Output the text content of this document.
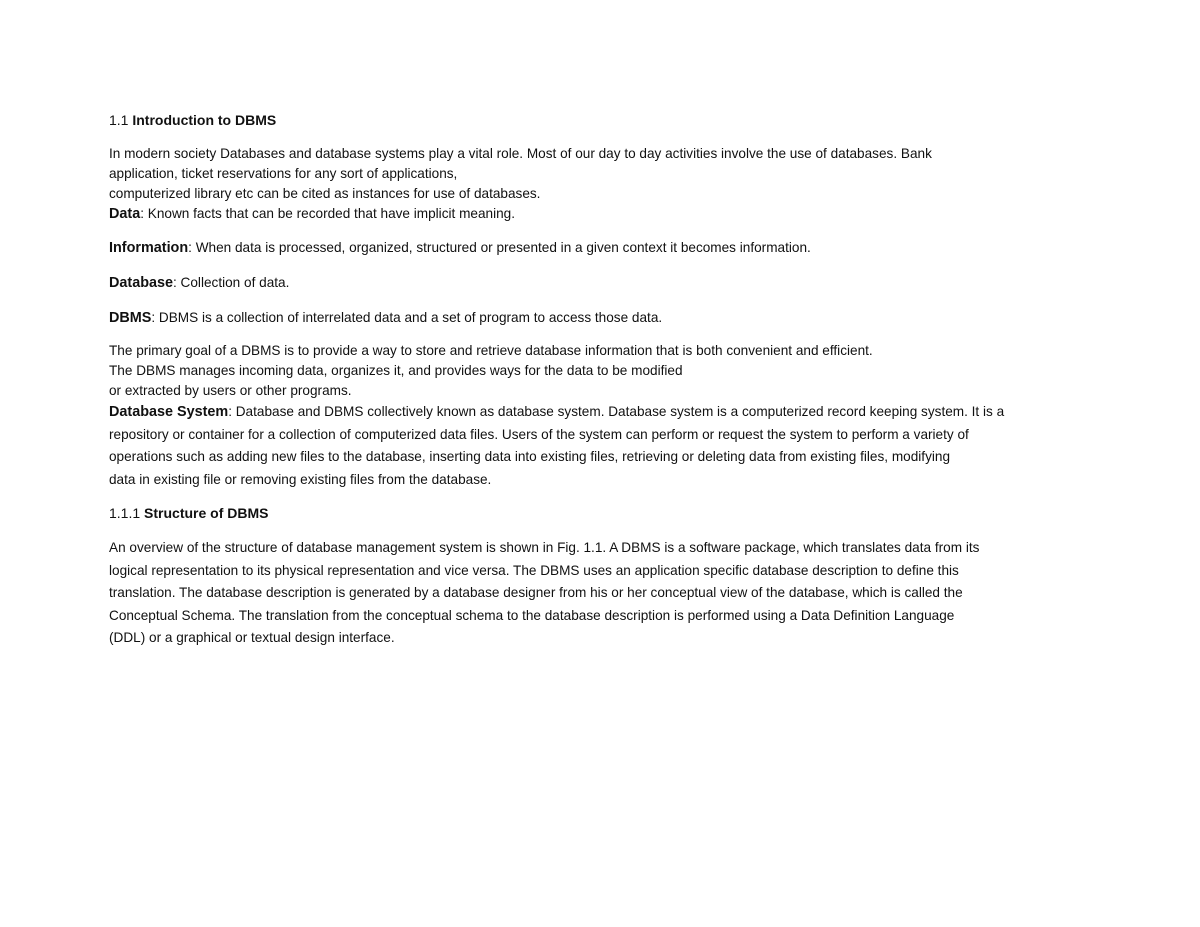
1.1 Introduction to DBMS

In modern society Databases and database systems play a vital role. Most of our day to day activities involve the use of databases. Bank
application, ticket reservations for any sort of applications,
computerized library etc can be cited as instances for use of databases.

Data: Known facts that can be recorded that have implicit meaning.

Information: When data is processed, organized, structured or presented in a given context it becomes information.

Database: Collection of data.

DBMS: DBMS is a collection of interrelated data and a set of program to access those data.

The primary goal of a DBMS is to provide a way to store and retrieve database information that is both convenient and efficient.
The DBMS manages incoming data, organizes it, and provides ways for the data to be modified
or extracted by users or other programs.

Database System: Database and DBMS collectively known as database system. Database system is a computerized record keeping system. It is a
repository or container for a collection of computerized data files. Users of the system can perform or request the system to perform a variety of
operations such as adding new files to the database, inserting data into existing files, retrieving or deleting data from existing files, modifying
data in existing file or removing existing files from the database.

1.1.1 Structure of DBMS

An overview of the structure of database management system is shown in Fig. 1.1. A DBMS is a software package, which translates data from its
logical representation to its physical representation and vice versa. The DBMS uses an application specific database description to define this
translation. The database description is generated by a database designer from his or her conceptual view of the database, which is called the
Conceptual Schema. The translation from the conceptual schema to the database description is performed using a Data Definition Language
(DDL) or a graphical or textual design interface.
